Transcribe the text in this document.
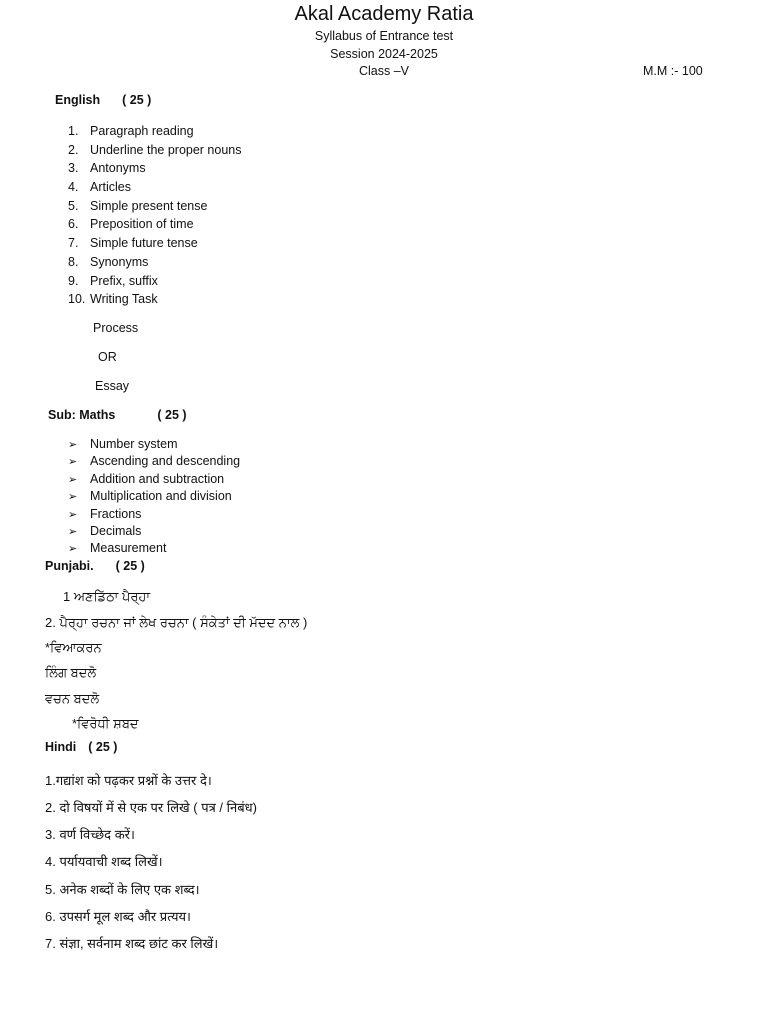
Akal Academy Ratia
Syllabus of Entrance test
Session 2024-2025
Class –V	M.M :- 100
English ( 25 )
1. Paragraph reading
2. Underline the proper nouns
3. Antonyms
4. Articles
5. Simple present tense
6. Preposition of time
7. Simple future tense
8. Synonyms
9. Prefix, suffix
10. Writing Task
Process
OR
Essay
Sub: Maths	( 25 )
➢ Number system
➢ Ascending and descending
➢ Addition and subtraction
➢ Multiplication and division
➢ Fractions
➢ Decimals
➢ Measurement
Punjabi. ( 25 )
1 ਅਣਡਿੱਠਾ ਪੈਰ੍ਹਾ
2. ਪੈਰ੍ਹਾ ਰਚਨਾ ਜਾਂ ਲੇਖ ਰਚਨਾ ( ਸੰਕੇਤਾਂ ਦੀ ਮੱਦਦ ਨਾਲ )
*ਵਿਆਕਰਨ
ਲਿੰਗ ਬਦਲੋ
ਵਚਨ ਬਦਲੋ
*ਵਿਰੋਧੀ ਸ਼ਬਦ
Hindi ( 25 )
1.गद्यांश को पढ़कर प्रश्नों के उत्तर दे।
2. दो विषयों में से एक पर लिखे ( पत्र / निबंध)
3. वर्ण विच्छेद करें।
4. पर्यायवाची शब्द लिखें।
5. अनेक शब्दों के लिए एक शब्द।
6. उपसर्ग मूल शब्द और प्रत्यय।
7. संज्ञा, सर्वनाम शब्द छांट कर लिखें।
